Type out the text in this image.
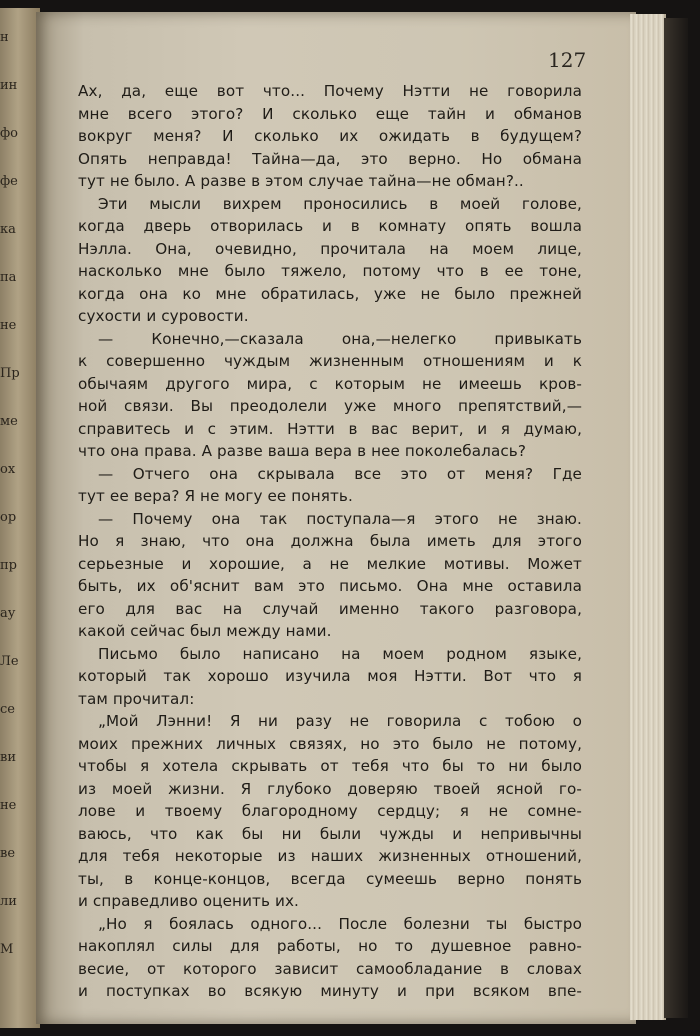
н
ин
фо
фе
ка
па
не
Пр
ме
ох
ор
пр
ау
Ле
се
ви
не
ве
ли
М
127
Ах, да, еще вот что... Почему Нэтти не говорила
мне всего этого? И сколько еще тайн и обманов
вокруг меня? И сколько их ожидать в будущем?
Опять неправда! Тайна—да, это верно. Но обмана
тут не было. А разве в этом случае тайна—не обман?..
Эти мысли вихрем проносились в моей голове,
когда дверь отворилась и в комнату опять вошла
Нэлла. Она, очевидно, прочитала на моем лице,
насколько мне было тяжело, потому что в ее тоне,
когда она ко мне обратилась, уже не было прежней
сухости и суровости.
— Конечно,—сказала она,—нелегко привыкать
к совершенно чуждым жизненным отношениям и к
обычаям другого мира, с которым не имеешь кров-
ной связи. Вы преодолели уже много препятствий,—
справитесь и с этим. Нэтти в вас верит, и я думаю,
что она права. А разве ваша вера в нее поколебалась?
— Отчего она скрывала все это от меня? Где
тут ее вера? Я не могу ее понять.
— Почему она так поступала—я этого не знаю.
Но я знаю, что она должна была иметь для этого
серьезные и хорошие, а не мелкие мотивы. Может
быть, их об'яснит вам это письмо. Она мне оставила
его для вас на случай именно такого разговора,
какой сейчас был между нами.
Письмо было написано на моем родном языке,
который так хорошо изучила моя Нэтти. Вот что я
там прочитал:
„Мой Лэнни! Я ни разу не говорила с тобою о
моих прежних личных связях, но это было не потому,
чтобы я хотела скрывать от тебя что бы то ни было
из моей жизни. Я глубоко доверяю твоей ясной го-
лове и твоему благородному сердцу; я не сомне-
ваюсь, что как бы ни были чужды и непривычны
для тебя некоторые из наших жизненных отношений,
ты, в конце-концов, всегда сумеешь верно понять
и справедливо оценить их.
„Но я боялась одного... После болезни ты быстро
накоплял силы для работы, но то душевное равно-
весие, от которого зависит самообладание в словах
и поступках во всякую минуту и при всяком впе-
